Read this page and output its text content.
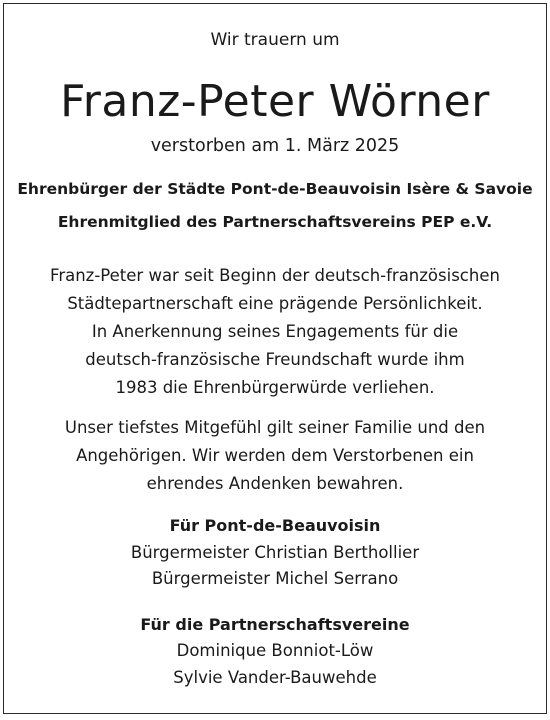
Wir trauern um
Franz-Peter Wörner
verstorben am 1. März 2025
Ehrenbürger der Städte Pont-de-Beauvoisin Isère & Savoie
Ehrenmitglied des Partnerschaftsvereins PEP e.V.
Franz-Peter war seit Beginn der deutsch-französischen
Städtepartnerschaft eine prägende Persönlichkeit.
In Anerkennung seines Engagements für die
deutsch-französische Freundschaft wurde ihm
1983 die Ehrenbürgerwürde verliehen.
Unser tiefstes Mitgefühl gilt seiner Familie und den
Angehörigen. Wir werden dem Verstorbenen ein
ehrendes Andenken bewahren.
Für Pont-de-Beauvoisin
Bürgermeister Christian Berthollier
Bürgermeister Michel Serrano
Für die Partnerschaftsvereine
Dominique Bonniot-Löw
Sylvie Vander-Bauwehde
